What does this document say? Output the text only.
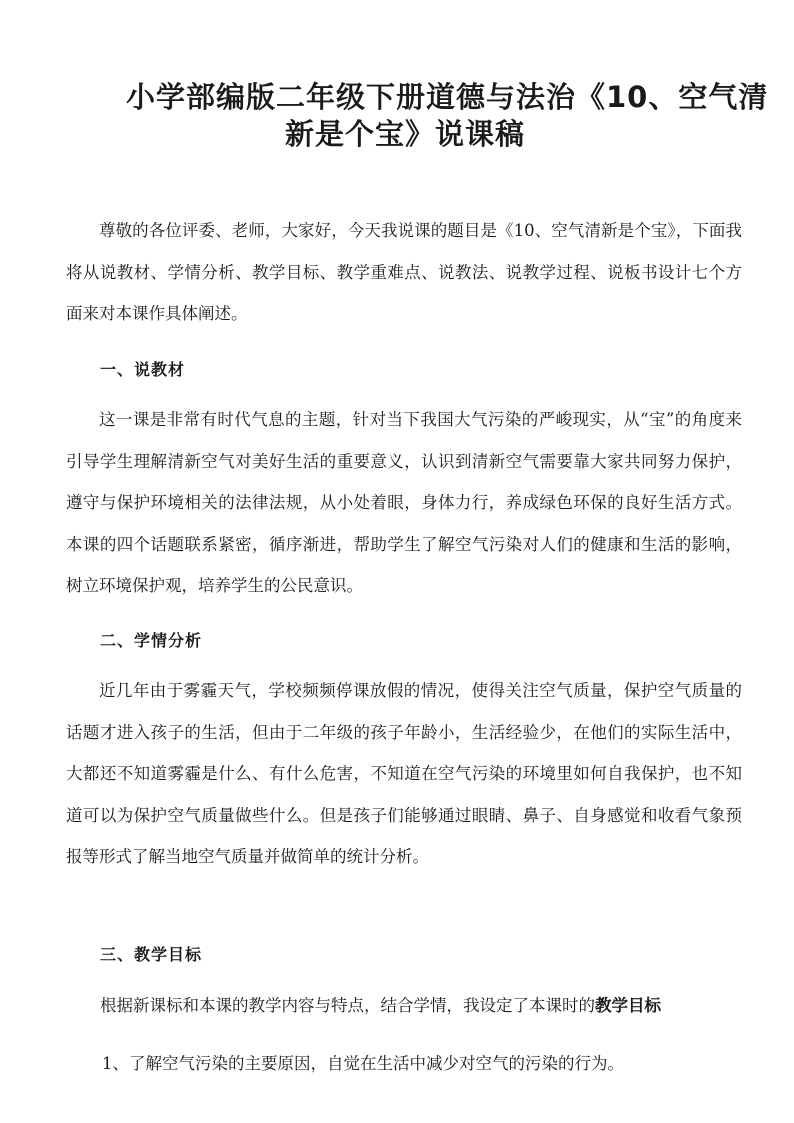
小学部编版二年级下册道德与法治《10、空气清
新是个宝》说课稿

尊敬的各位评委、老师，大家好，今天我说课的题目是《10、空气清新是个宝》，下面我将从说教材、学情分析、教学目标、教学重难点、说教法、说教学过程、说板书设计七个方面来对本课作具体阐述。

一、说教材

这一课是非常有时代气息的主题，针对当下我国大气污染的严峻现实，从“宝”的角度来引导学生理解清新空气对美好生活的重要意义，认识到清新空气需要靠大家共同努力保护，遵守与保护环境相关的法律法规，从小处着眼，身体力行，养成绿色环保的良好生活方式。本课的四个话题联系紧密，循序渐进，帮助学生了解空气污染对人们的健康和生活的影响，树立环境保护观，培养学生的公民意识。

二、学情分析

近几年由于雾霾天气，学校频频停课放假的情况，使得关注空气质量，保护空气质量的话题才进入孩子的生活，但由于二年级的孩子年龄小，生活经验少，在他们的实际生活中，大都还不知道雾霾是什么、有什么危害，不知道在空气污染的环境里如何自我保护，也不知道可以为保护空气质量做些什么。但是孩子们能够通过眼睛、鼻子、自身感觉和收看气象预报等形式了解当地空气质量并做简单的统计分析。

三、教学目标

根据新课标和本课的教学内容与特点，结合学情，我设定了本课时的教学目标

1、了解空气污染的主要原因，自觉在生活中减少对空气的污染的行为。
